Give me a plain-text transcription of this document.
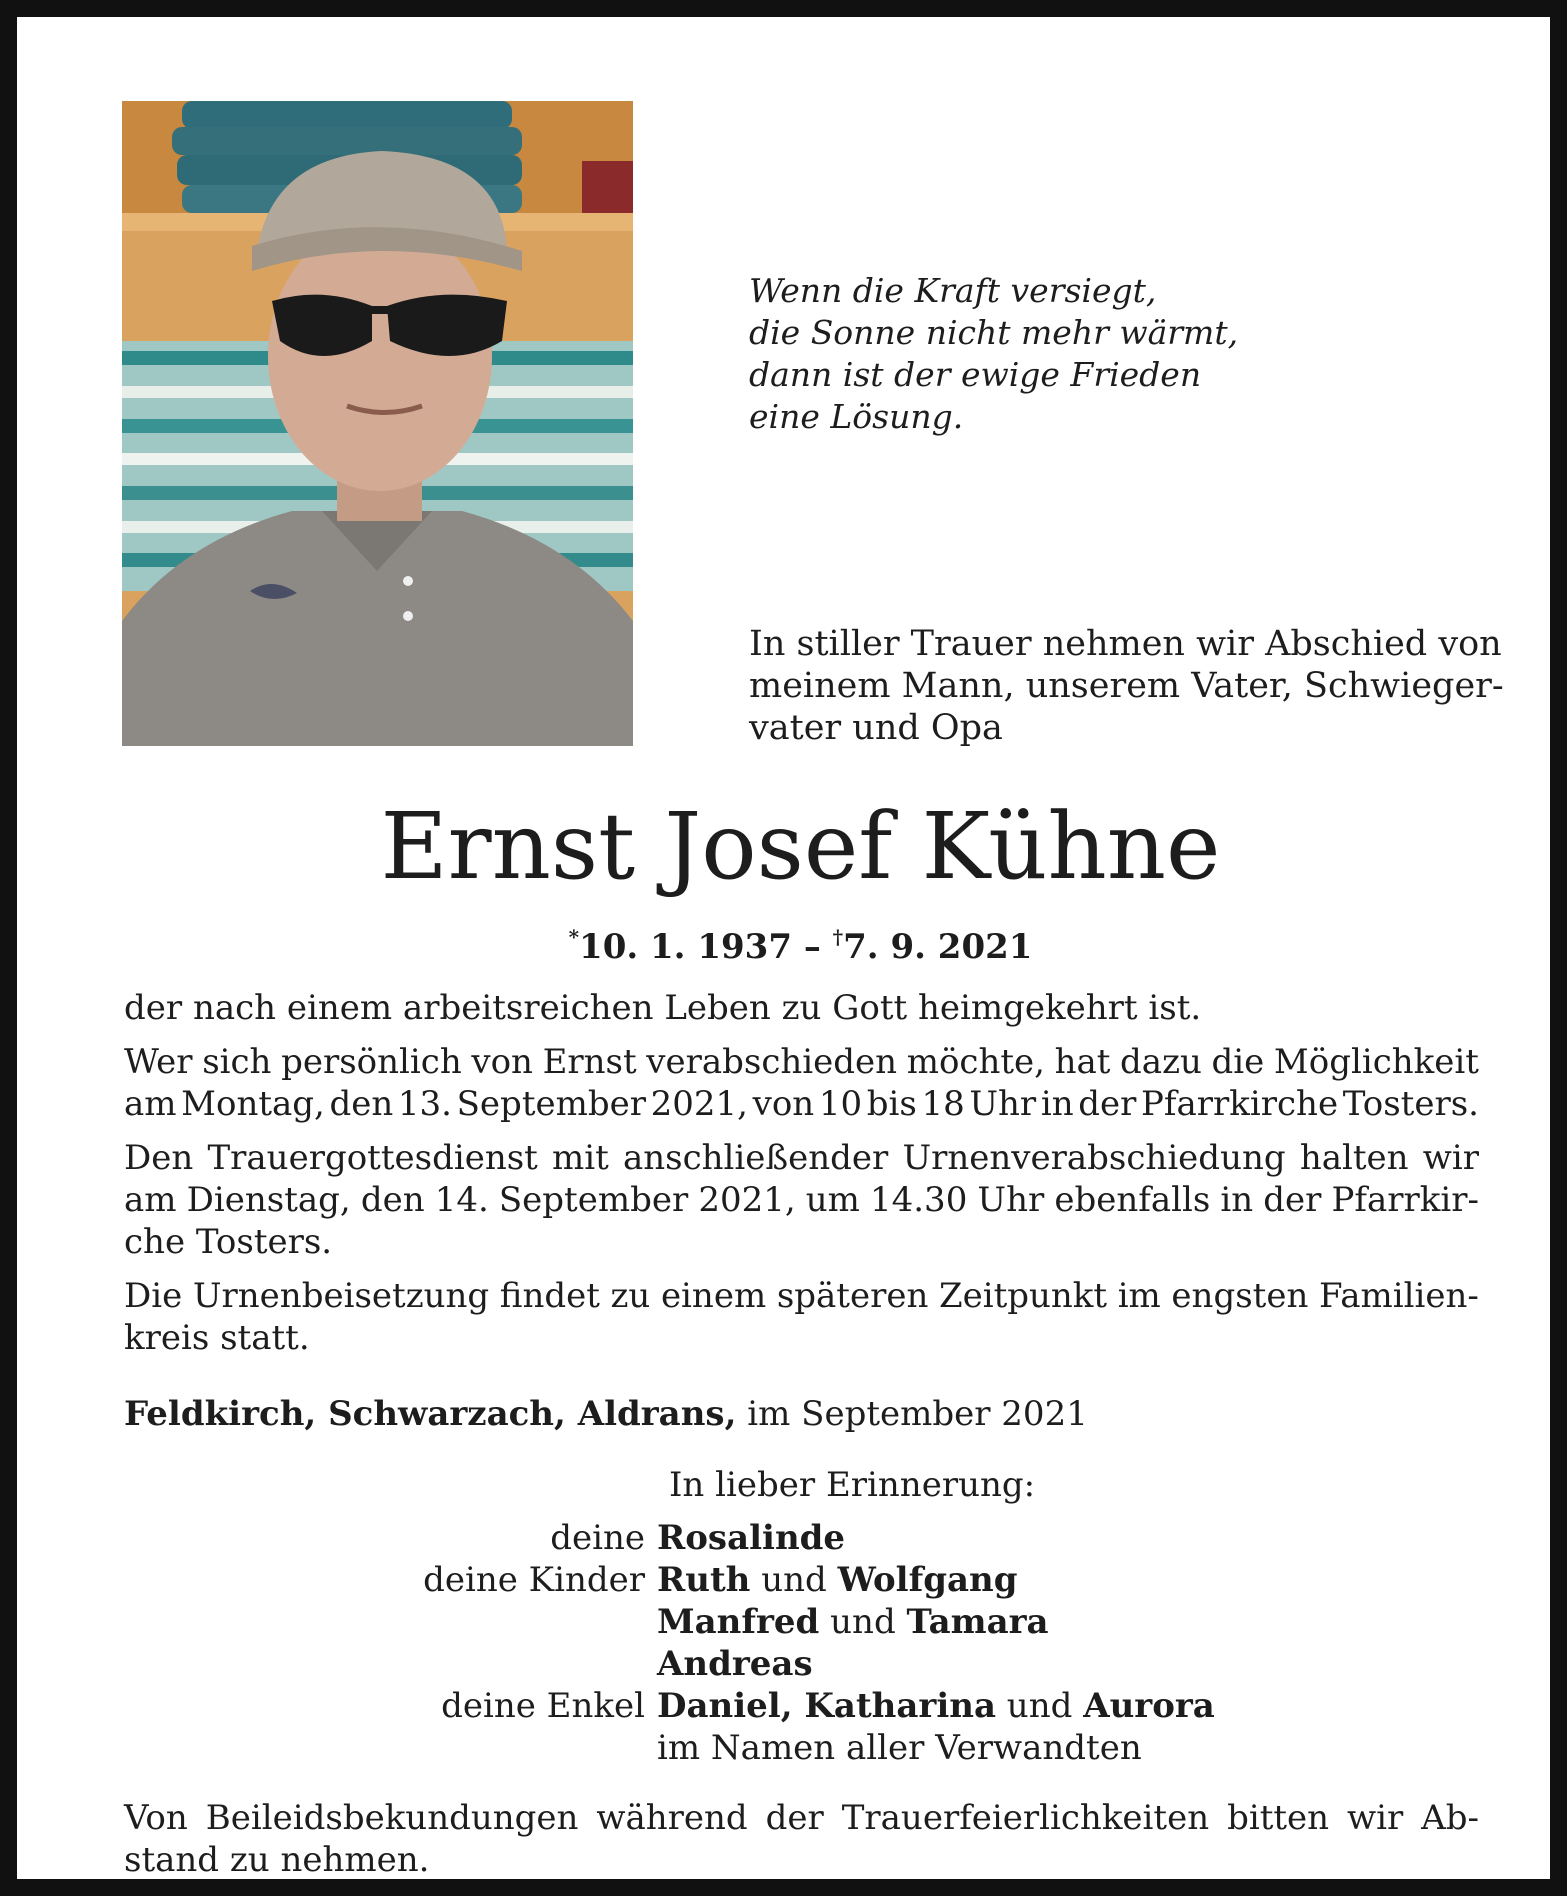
Wenn die Kraft versiegt,
die Sonne nicht mehr wärmt,
dann ist der ewige Frieden
eine Lösung.
In stiller Trauer nehmen wir Abschied von
meinem Mann, unserem Vater, Schwieger-
vater und Opa
Ernst Josef Kühne
*10. 1. 1937 – †7. 9. 2021

der nach einem arbeitsreichen Leben zu Gott heimgekehrt ist.

Wer sich persönlich von Ernst verabschieden möchte, hat dazu die Möglichkeit
am Montag, den 13. September 2021, von 10 bis 18 Uhr in der Pfarrkirche Tosters.

Den Trauergottesdienst mit anschließender Urnenverabschiedung halten wir
am Dienstag, den 14. September 2021, um 14.30 Uhr ebenfalls in der Pfarrkir-
che Tosters.

Die Urnenbeisetzung findet zu einem späteren Zeitpunkt im engsten Familien-
kreis statt.

Feldkirch, Schwarzach, Aldrans, im September 2021
In lieber Erinnerung:
deine Rosalinde
deine Kinder Ruth und Wolfgang
Manfred und Tamara
Andreas
deine Enkel Daniel, Katharina und Aurora
im Namen aller Verwandten
Von Beileidsbekundungen während der Trauerfeierlichkeiten bitten wir Ab-
stand zu nehmen.
